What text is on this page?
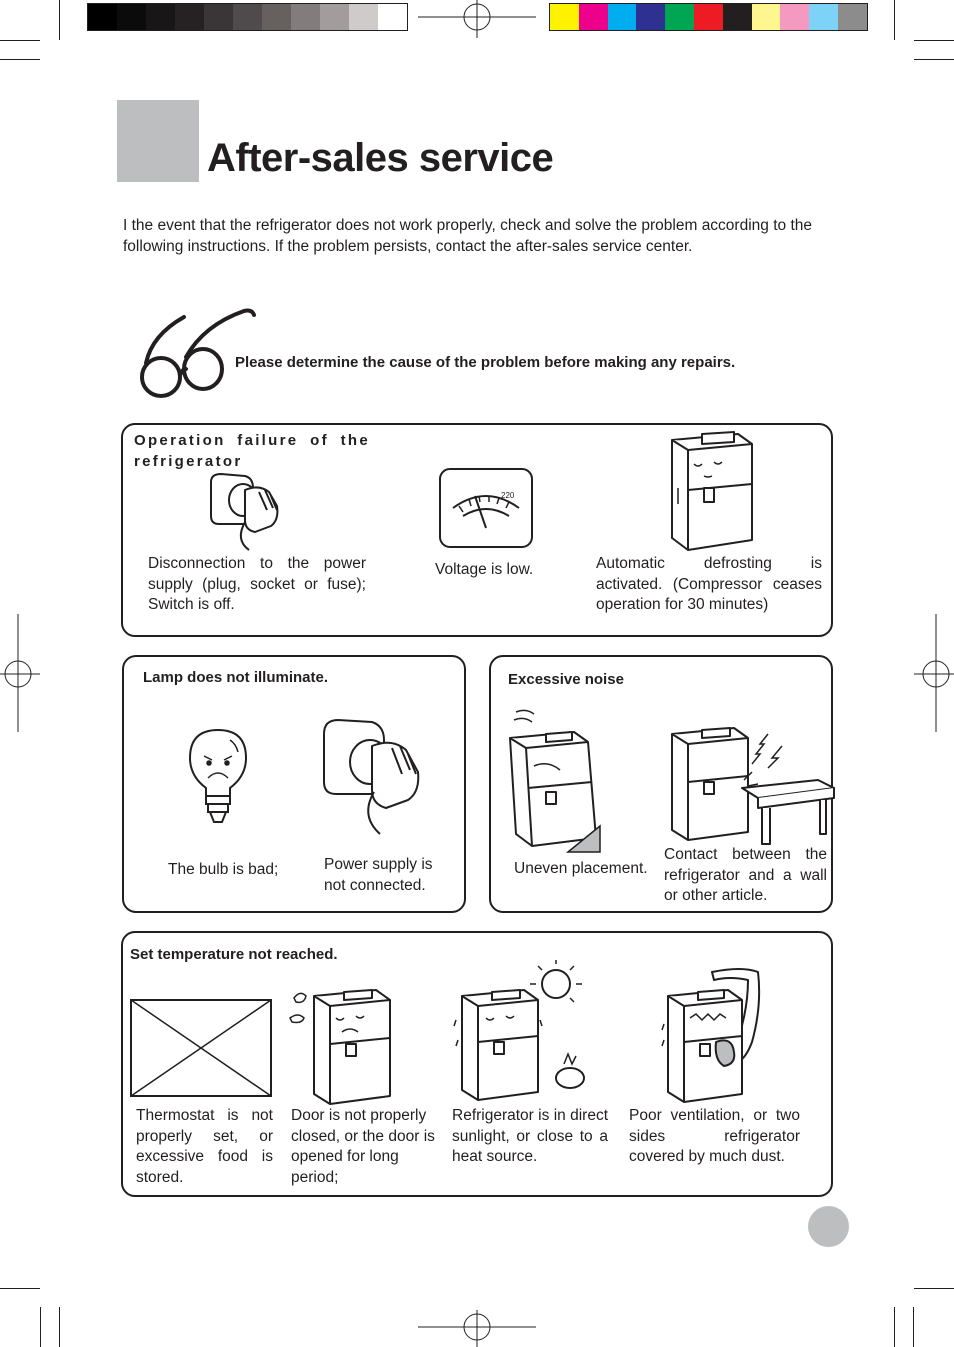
After-sales service

I the event that the refrigerator does not work properly, check and solve the problem according to the following instructions. If the problem persists, contact the after-sales service center.

Please determine the cause of the problem before making any repairs.
Operation failure of the refrigerator
Disconnection to the power supply (plug, socket or fuse); Switch is off.
220
Voltage is low.	Automatic defrosting is activated. (Compressor ceases operation for 30 minutes)
Lamp does not illuminate.
The bulb is bad;	Power supply is not connected.
Excessive noise
Uneven placement.
Contact between the refrigerator and a wall or other article.
Set temperature not reached.
Thermostat is not properly set, or excessive food is stored.
Door is not properly closed, or the door is opened for long period;
Refrigerator is in direct sunlight, or close to a heat source.
Poor ventilation, or two sides refrigerator covered by much dust.
